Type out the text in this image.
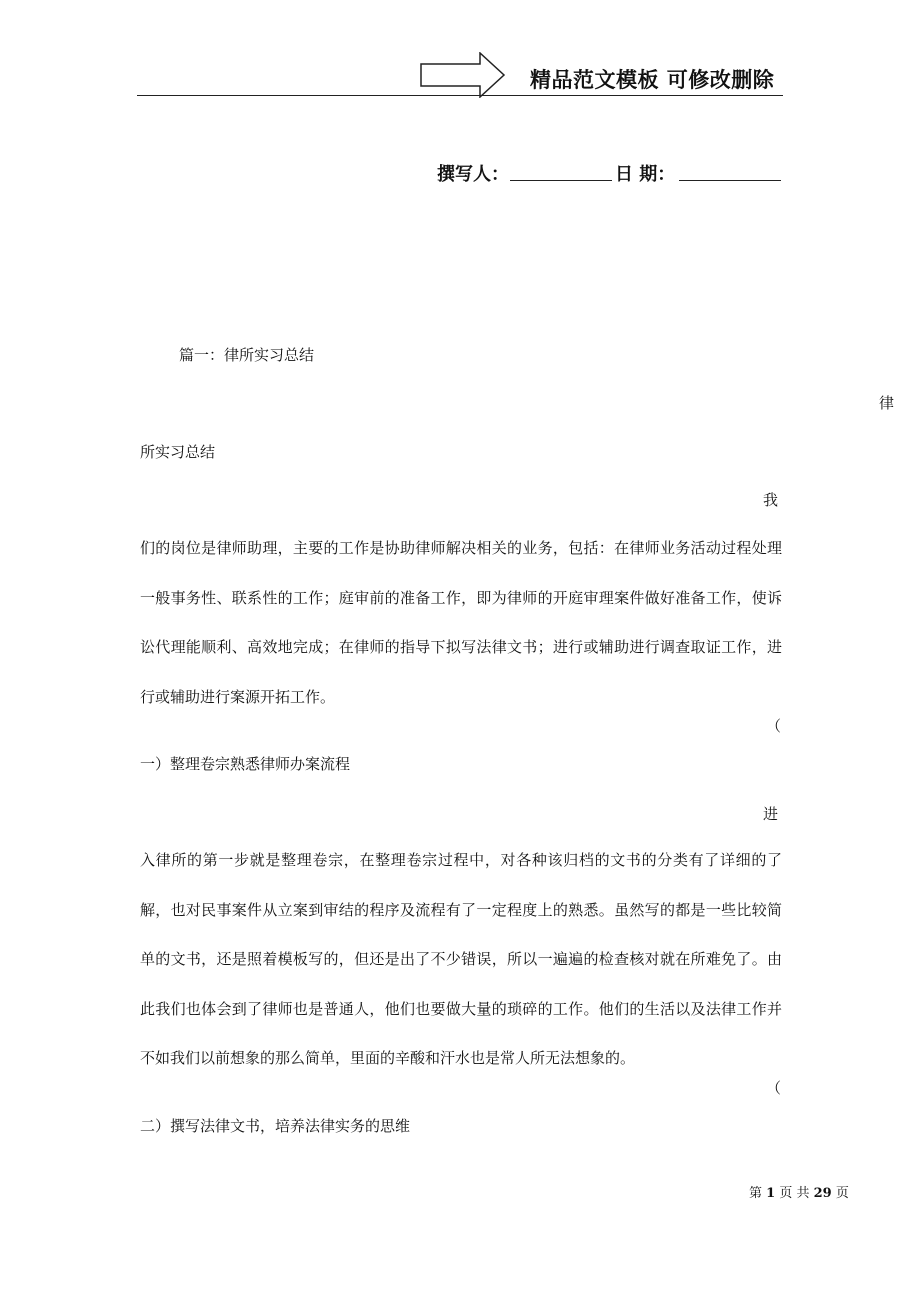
精品范文模板 可修改删除
撰写人：	日 期：
篇一：律所实习总结
律
所实习总结
我
们的岗位是律师助理，主要的工作是协助律师解决相关的业务，包括：在律师业务活动过程处理一般事务性、联系性的工作；庭审前的准备工作，即为律师的开庭审理案件做好准备工作，使诉讼代理能顺利、高效地完成；在律师的指导下拟写法律文书；进行或辅助进行调查取证工作，进行或辅助进行案源开拓工作。
（
一）整理卷宗熟悉律师办案流程
进
入律所的第一步就是整理卷宗，在整理卷宗过程中，对各种该归档的文书的分类有了详细的了解，也对民事案件从立案到审结的程序及流程有了一定程度上的熟悉。虽然写的都是一些比较简单的文书，还是照着模板写的，但还是出了不少错误，所以一遍遍的检查核对就在所难免了。由此我们也体会到了律师也是普通人，他们也要做大量的琐碎的工作。他们的生活以及法律工作并不如我们以前想象的那么简单，里面的辛酸和汗水也是常人所无法想象的。
（
二）撰写法律文书，培养法律实务的思维
第 1 页 共 29 页
